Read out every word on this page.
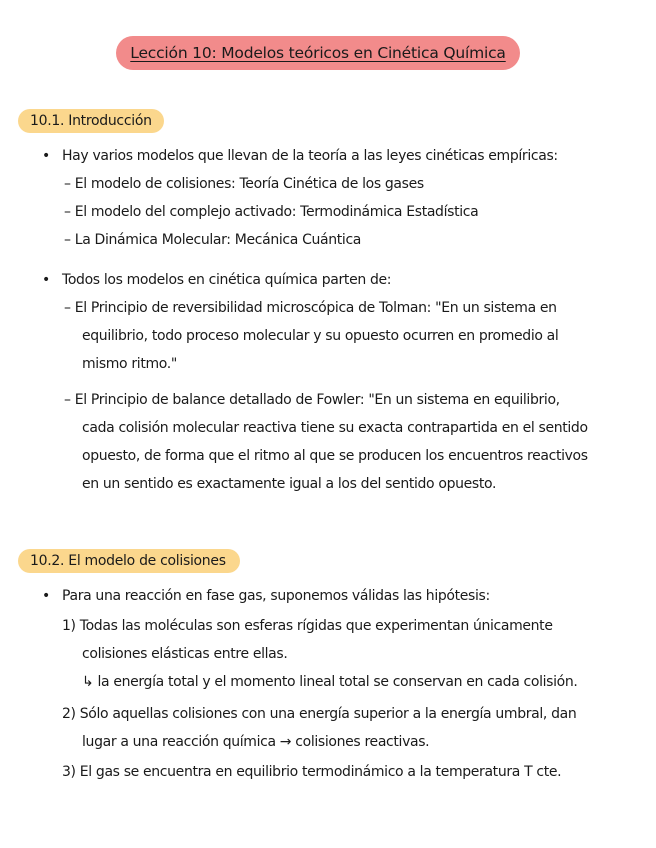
Lección 10: Modelos teóricos en Cinética Química
10.1. Introducción
• Hay varios modelos que llevan de la teoría a las leyes cinéticas empíricas:
– El modelo de colisiones: Teoría Cinética de los gases
– El modelo del complejo activado: Termodinámica Estadística
– La Dinámica Molecular: Mecánica Cuántica
• Todos los modelos en cinética química parten de:
– El Principio de reversibilidad microscópica de Tolman: "En un sistema en
equilibrio, todo proceso molecular y su opuesto ocurren en promedio al
mismo ritmo."
– El Principio de balance detallado de Fowler: "En un sistema en equilibrio,
cada colisión molecular reactiva tiene su exacta contrapartida en el sentido
opuesto, de forma que el ritmo al que se producen los encuentros reactivos
en un sentido es exactamente igual a los del sentido opuesto.
10.2. El modelo de colisiones
• Para una reacción en fase gas, suponemos válidas las hipótesis:
1) Todas las moléculas son esferas rígidas que experimentan únicamente
colisiones elásticas entre ellas.
↳ la energía total y el momento lineal total se conservan en cada colisión.
2) Sólo aquellas colisiones con una energía superior a la energía umbral, dan
lugar a una reacción química → colisiones reactivas.
3) El gas se encuentra en equilibrio termodinámico a la temperatura T cte.
